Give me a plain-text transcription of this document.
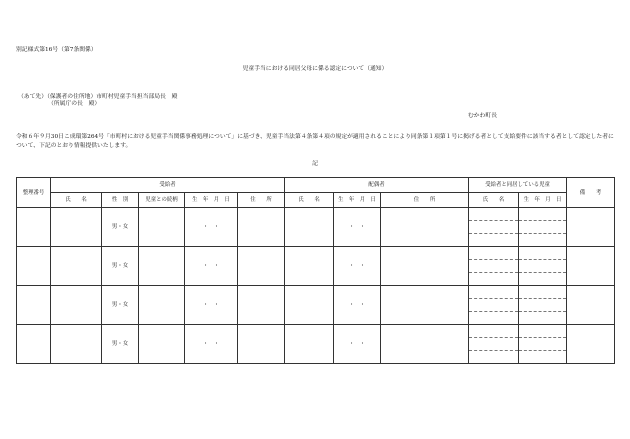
別記様式第16号（第7条関係）
児童手当における同居父母に係る認定について（通知）
（あて先）（保護者の住所地）市町村児童手当担当部局長　殿
（所属庁の長　殿）
むかわ町長
令和６年９月30日こ成環第264号「市町村における児童手当関係事務処理について」に基づき、児童手当法第４条第４項の規定が適用されることにより同条第１項第１号に掲げる者として支給要件に該当する者として認定した者について、下記のとおり情報提供いたします。
記
整理番号	受給者					配偶者			受給者と同居している児童		備　　考
	氏　　名	性　別	児童との続柄	生　年　月　日	住　　所	氏　　名	生　年　月　日	住　　所	氏　　名	生　年　月　日	
		男・女		・　・			・　・		

		男・女		・　・			・　・		

		男・女		・　・			・　・		

		男・女		・　・			・　・		
